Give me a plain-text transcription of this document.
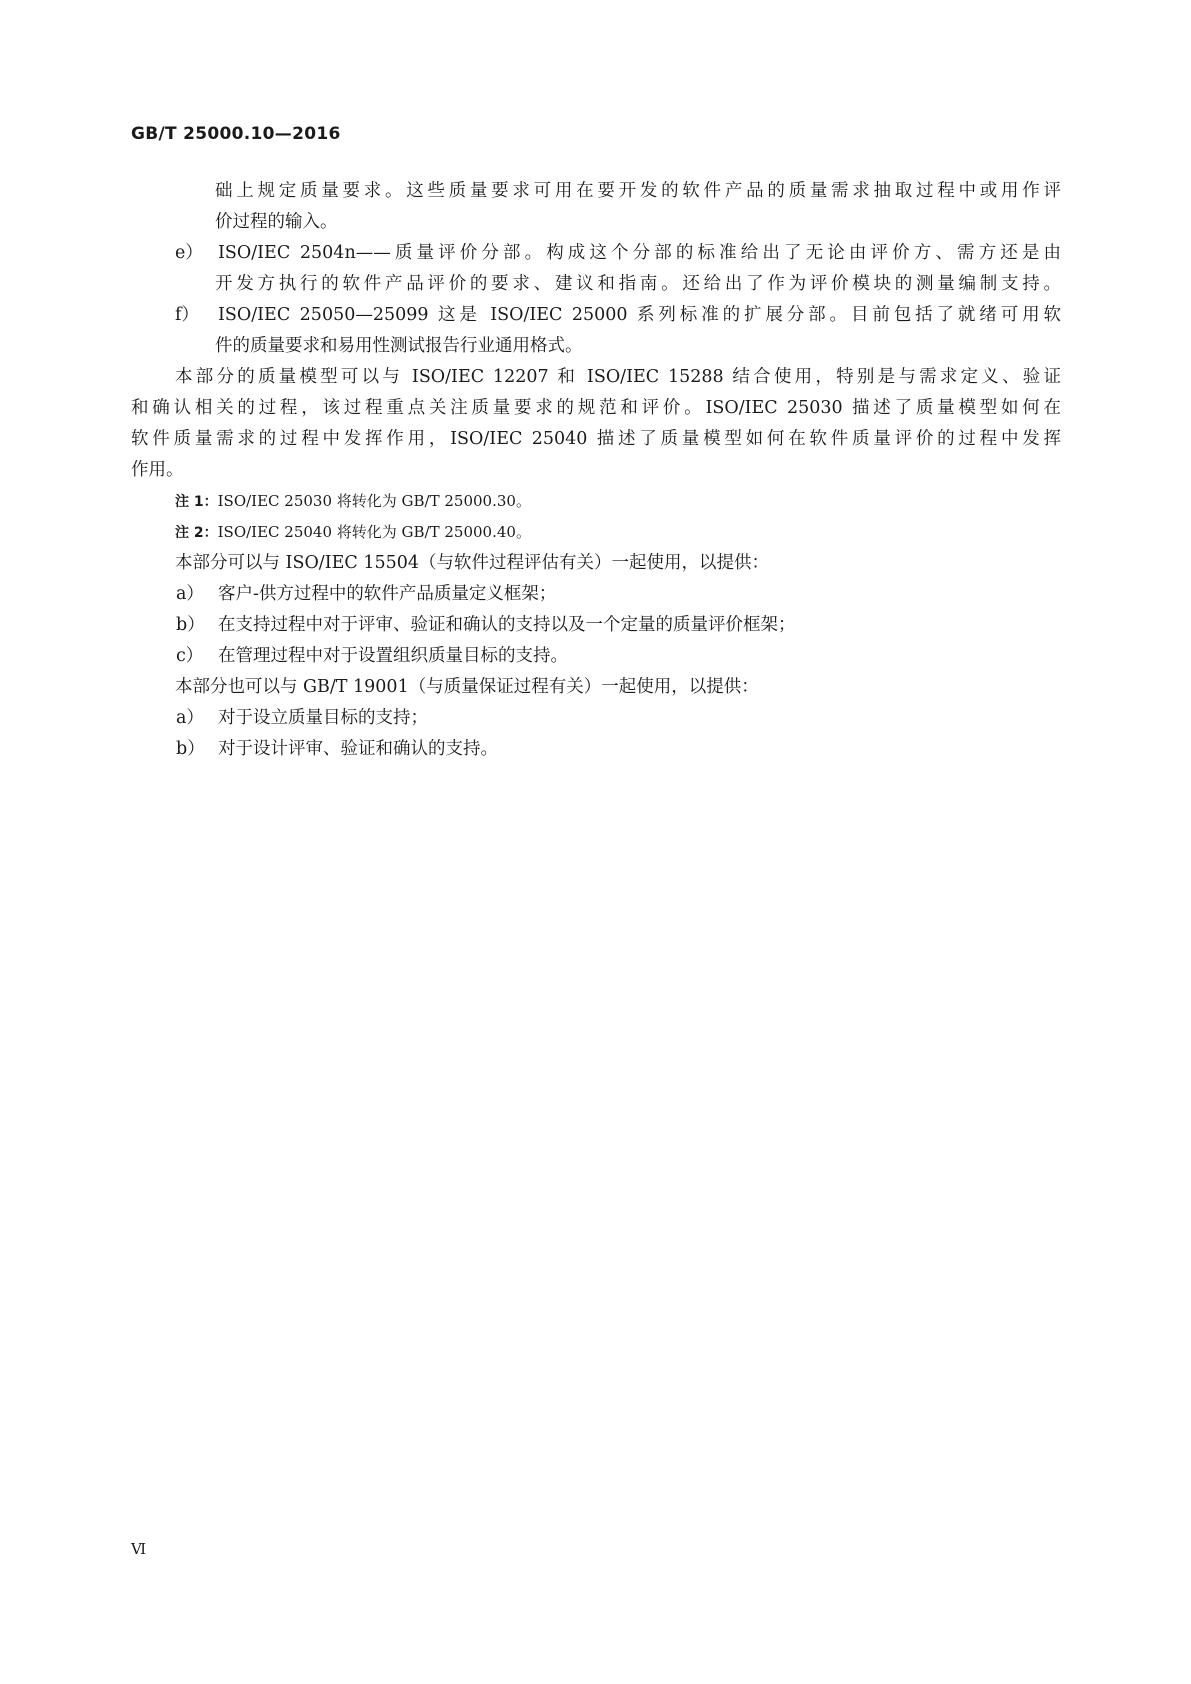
GB/T 25000.10—2016
础上规定质量要求。这些质量要求可用在要开发的软件产品的质量需求抽取过程中或用作评
价过程的输入。
e） ISO/IEC 2504n——质量评价分部。构成这个分部的标准给出了无论由评价方、需方还是由
开发方执行的软件产品评价的要求、建议和指南。还给出了作为评价模块的测量编制支持。
f）	ISO/IEC 25050—25099 这是 ISO/IEC 25000 系列标准的扩展分部。目前包括了就绪可用软
件的质量要求和易用性测试报告行业通用格式。
本部分的质量模型可以与 ISO/IEC 12207 和 ISO/IEC 15288 结合使用，特别是与需求定义、验证
和确认相关的过程，该过程重点关注质量要求的规范和评价。ISO/IEC 25030 描述了质量模型如何在
软件质量需求的过程中发挥作用，ISO/IEC 25040 描述了质量模型如何在软件质量评价的过程中发挥
作用。
注 1：ISO/IEC 25030 将转化为 GB/T 25000.30。
注 2：ISO/IEC 25040 将转化为 GB/T 25000.40。
本部分可以与 ISO/IEC 15504（与软件过程评估有关）一起使用，以提供：
a） 客户-供方过程中的软件产品质量定义框架；
b） 在支持过程中对于评审、验证和确认的支持以及一个定量的质量评价框架；
c） 在管理过程中对于设置组织质量目标的支持。
本部分也可以与 GB/T 19001（与质量保证过程有关）一起使用，以提供：
a） 对于设立质量目标的支持；
b） 对于设计评审、验证和确认的支持。
Ⅵ
